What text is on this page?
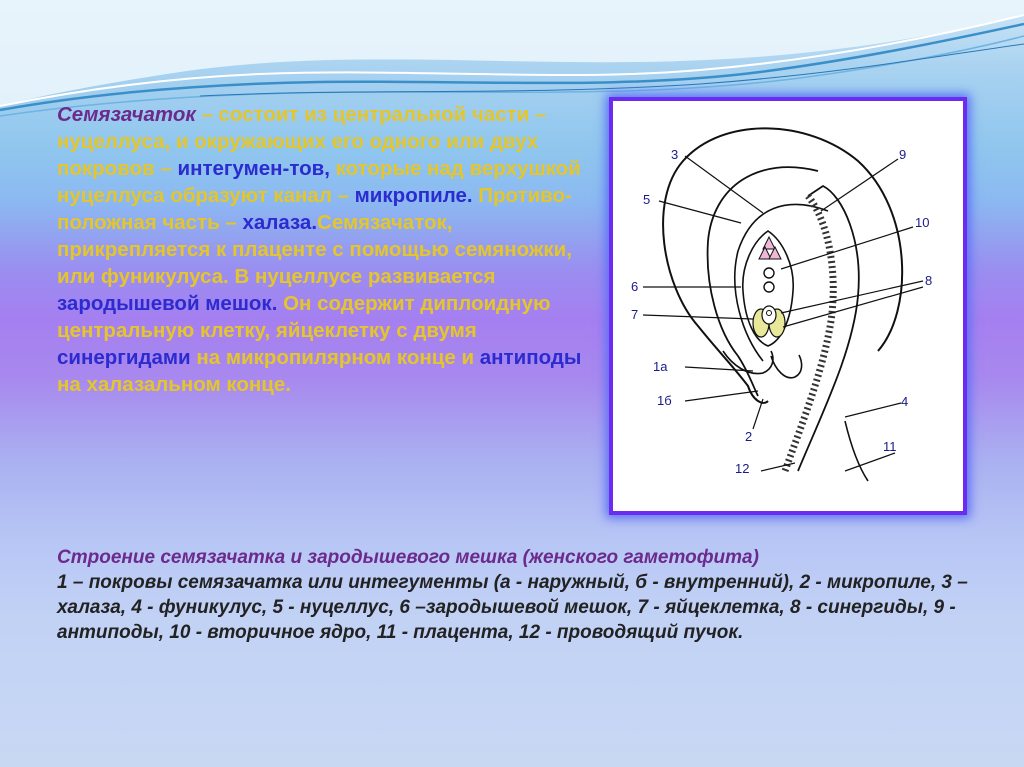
Семязачаток – состоит из центральной части – нуцеллуса, и окружающих его одного или двух покровов – интегумен-тов, которые над верхушкой нуцеллуса образуют канал – микропиле. Противо-положная часть – халаза.Семязачаток, прикрепляется к плаценте с помощью семяножки, или фуникулуса. В нуцеллусе развивается зародышевой мешок. Он содержит диплоидную центральную клетку, яйцеклетку с двумя синергидами на микропилярном конце и антиподы на халазальном конце.

3	9
5
10
6	8
7
1а
4
1б
2
11
12

Строение семязачатка и зародышевого мешка (женского гаметофита)
1 – покровы семязачатка или интегументы (а - наружный, б - внутренний), 2 - микропиле, 3 – халаза, 4 - фуникулус, 5 - нуцеллус, 6 –зародышевой мешок, 7 - яйцеклетка, 8 - синергиды, 9 - антиподы, 10 - вторичное ядро, 11 - плацента, 12 - проводящий пучок.
